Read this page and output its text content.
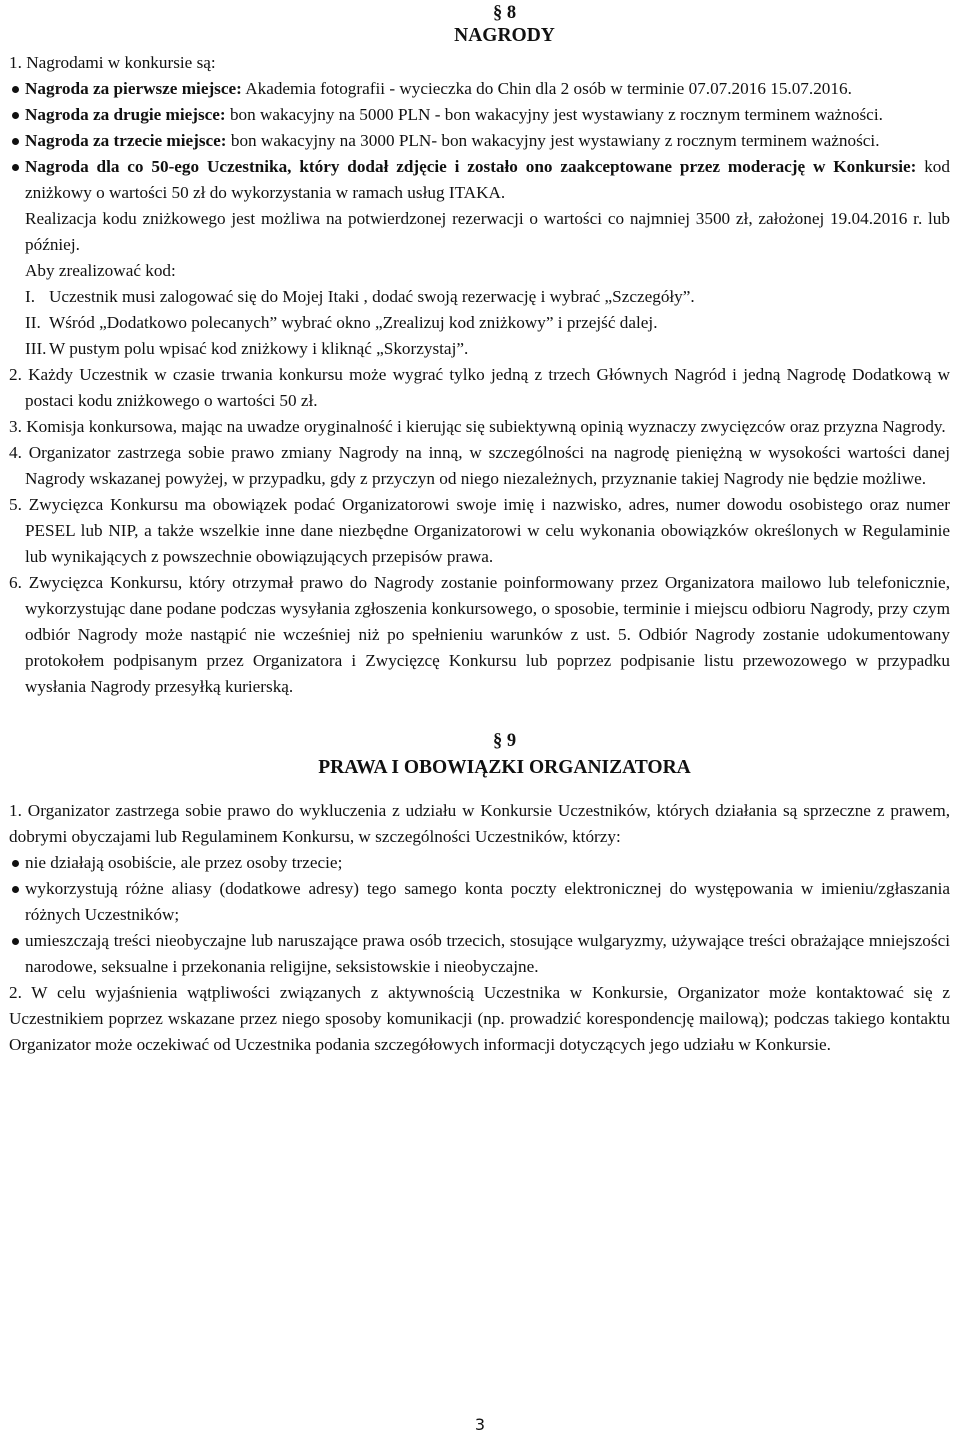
§ 8
NAGRODY

1. Nagrodami w konkursie są:

Nagroda za pierwsze miejsce: Akademia fotografii - wycieczka do Chin dla 2 osób w terminie 07.07.2016 15.07.2016.
Nagroda za drugie miejsce: bon wakacyjny na 5000 PLN - bon wakacyjny jest wystawiany z rocznym terminem ważności.
Nagroda za trzecie miejsce: bon wakacyjny na 3000 PLN- bon wakacyjny jest wystawiany z rocznym terminem ważności.
Nagroda dla co 50-ego Uczestnika, który dodał zdjęcie i zostało ono zaakceptowane przez moderację w Konkursie: kod zniżkowy o wartości 50 zł do wykorzystania w ramach usług ITAKA.

Realizacja kodu zniżkowego jest możliwa na potwierdzonej rezerwacji o wartości co najmniej 3500 zł, założonej 19.04.2016 r. lub później.

Aby zrealizować kod:

I. Uczestnik musi zalogować się do Mojej Itaki , dodać swoją rezerwację i wybrać „Szczegóły”.
II. Wśród „Dodatkowo polecanych” wybrać okno „Zrealizuj kod zniżkowy” i przejść dalej.
III. W pustym polu wpisać kod zniżkowy i kliknąć „Skorzystaj”.

2. Każdy Uczestnik w czasie trwania konkursu może wygrać tylko jedną z trzech Głównych Nagród i jedną Nagrodę Dodatkową w postaci kodu zniżkowego o wartości 50 zł.

3. Komisja konkursowa, mając na uwadze oryginalność i kierując się subiektywną opinią wyznaczy zwycięzców oraz przyzna Nagrody.

4. Organizator zastrzega sobie prawo zmiany Nagrody na inną, w szczególności na nagrodę pieniężną w wysokości wartości danej Nagrody wskazanej powyżej, w przypadku, gdy z przyczyn od niego niezależnych, przyznanie takiej Nagrody nie będzie możliwe.

5. Zwycięzca Konkursu ma obowiązek podać Organizatorowi swoje imię i nazwisko, adres, numer dowodu osobistego oraz numer PESEL lub NIP, a także wszelkie inne dane niezbędne Organizatorowi w celu wykonania obowiązków określonych w Regulaminie lub wynikających z powszechnie obowiązujących przepisów prawa.

6. Zwycięzca Konkursu, który otrzymał prawo do Nagrody zostanie poinformowany przez Organizatora mailowo lub telefonicznie, wykorzystując dane podane podczas wysyłania zgłoszenia konkursowego, o sposobie, terminie i miejscu odbioru Nagrody, przy czym odbiór Nagrody może nastąpić nie wcześniej niż po spełnieniu warunków z ust. 5. Odbiór Nagrody zostanie udokumentowany protokołem podpisanym przez Organizatora i Zwycięzcę Konkursu lub poprzez podpisanie listu przewozowego w przypadku wysłania Nagrody przesyłką kurierską.

§ 9
PRAWA I OBOWIĄZKI ORGANIZATORA

1. Organizator zastrzega sobie prawo do wykluczenia z udziału w Konkursie Uczestników, których działania są sprzeczne z prawem, dobrymi obyczajami lub Regulaminem Konkursu, w szczególności Uczestników, którzy:

nie działają osobiście, ale przez osoby trzecie;
wykorzystują różne aliasy (dodatkowe adresy) tego samego konta poczty elektronicznej do występowania w imieniu/zgłaszania różnych Uczestników;
umieszczają treści nieobyczajne lub naruszające prawa osób trzecich, stosujące wulgaryzmy, używające treści obrażające mniejszości narodowe, seksualne i przekonania religijne, seksistowskie i nieobyczajne.

2. W celu wyjaśnienia wątpliwości związanych z aktywnością Uczestnika w Konkursie, Organizator może kontaktować się z Uczestnikiem poprzez wskazane przez niego sposoby komunikacji (np. prowadzić korespondencję mailową); podczas takiego kontaktu Organizator może oczekiwać od Uczestnika podania szczegółowych informacji dotyczących jego udziału w Konkursie.

3
